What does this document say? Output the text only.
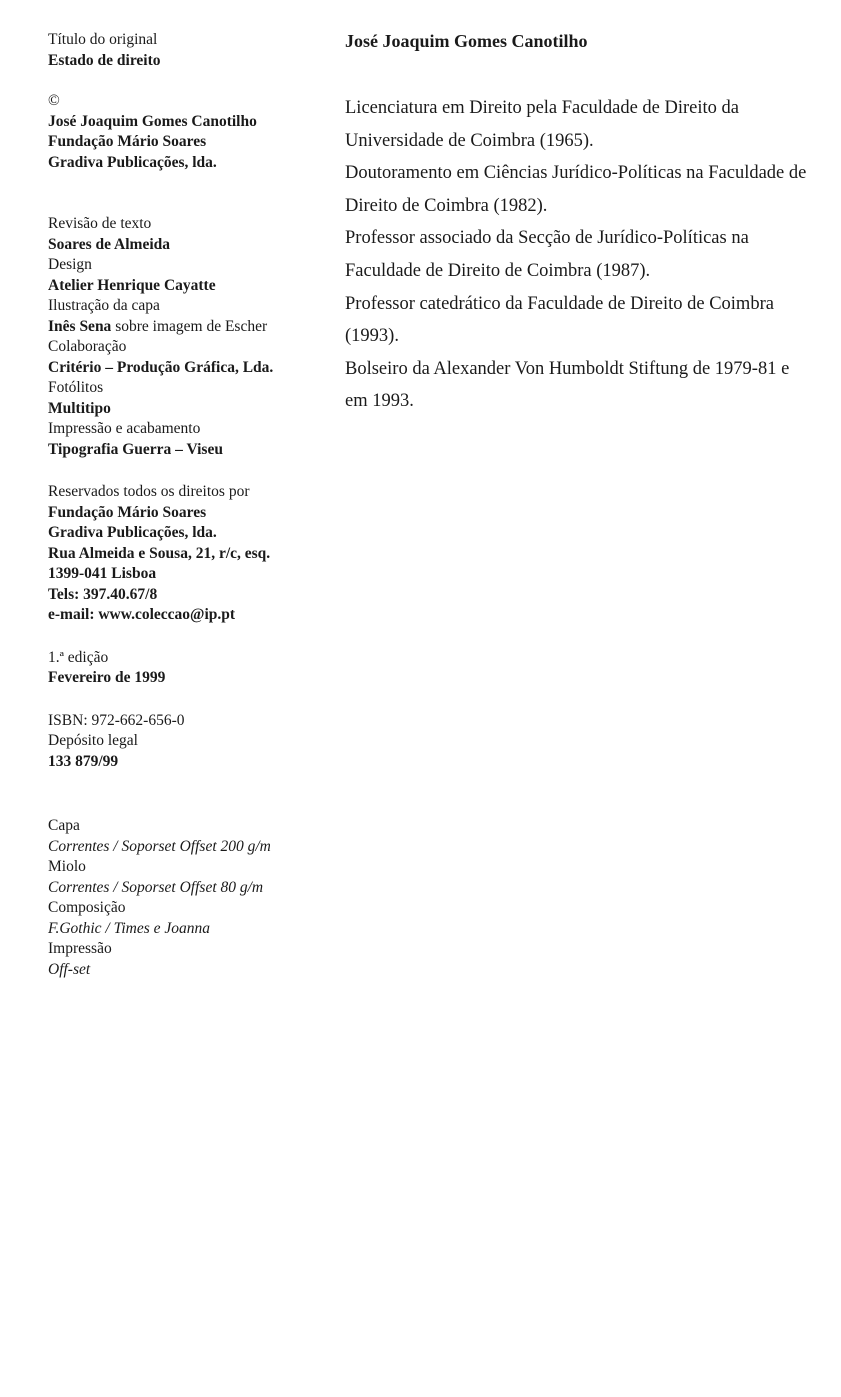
Título do original
Estado de direito
©
José Joaquim Gomes Canotilho
Fundação Mário Soares
Gradiva Publicações, lda.
Revisão de texto
Soares de Almeida
Design
Atelier Henrique Cayatte
Ilustração da capa
Inês Sena sobre imagem de Escher
Colaboração
Critério – Produção Gráfica, Lda.
Fotólitos
Multitipo
Impressão e acabamento
Tipografia Guerra – Viseu
Reservados todos os direitos por
Fundação Mário Soares
Gradiva Publicações, lda.
Rua Almeida e Sousa, 21, r/c, esq.
1399-041 Lisboa
Tels: 397.40.67/8
e-mail: www.coleccao@ip.pt
1.ª edição
Fevereiro de 1999
ISBN: 972-662-656-0
Depósito legal
133 879/99
Capa
Correntes / Soporset Offset 200 g/m
Miolo
Correntes / Soporset Offset 80 g/m
Composição
F.Gothic / Times e Joanna
Impressão
Off-set
José Joaquim Gomes Canotilho

Licenciatura em Direito pela Faculdade de Direito da Universidade de Coimbra (1965).

Doutoramento em Ciências Jurídico-Políticas na Faculdade de Direito de Coimbra (1982).

Professor associado da Secção de Jurídico-Políticas na Faculdade de Direito de Coimbra (1987).

Professor catedrático da Faculdade de Direito de Coimbra (1993).

Bolseiro da Alexander Von Humboldt Stiftung de 1979-81 e em 1993.
